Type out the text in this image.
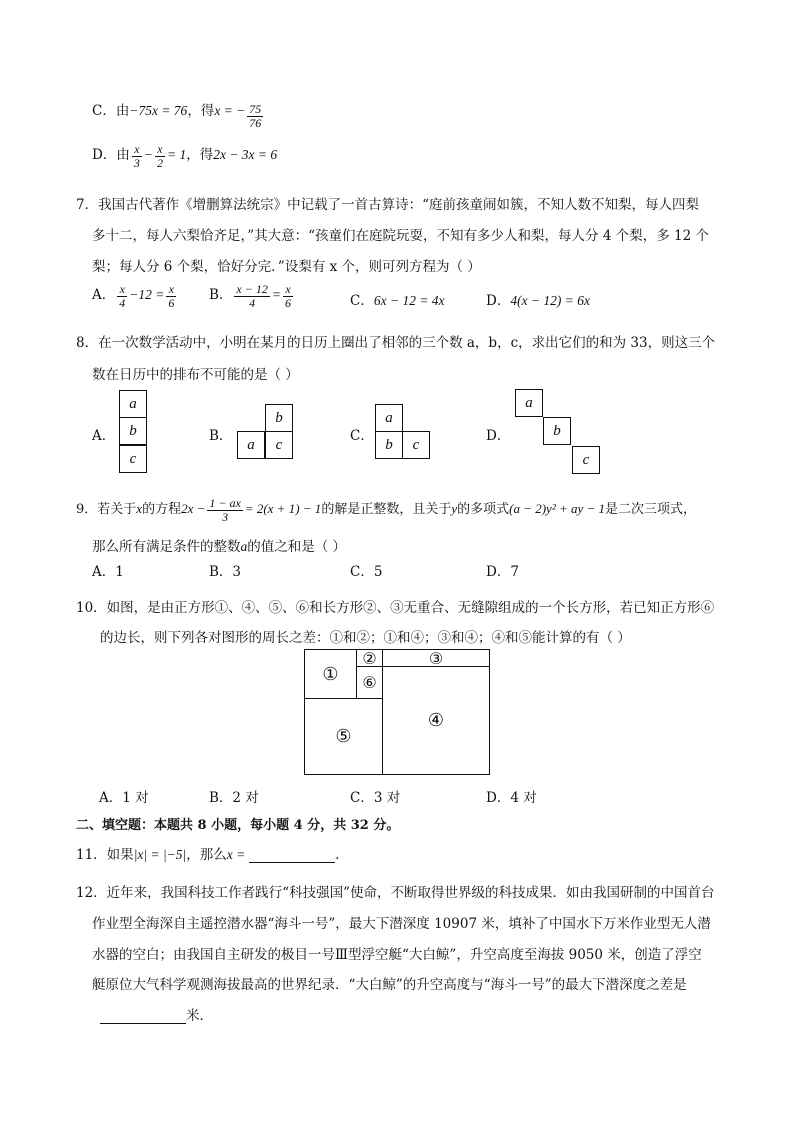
C．由−75x = 76，得x = − $\frac{75}{76}$
D．由 $\frac{x}{3} - \frac{x}{2} = 1$，得2x − 3x = 6
7．我国古代著作《增删算法统宗》中记载了一首古算诗：“庭前孩童闹如簇，不知人数不知梨，每人四梨
多十二，每人六梨恰齐足，”其大意：“孩童们在庭院玩耍，不知有多少人和梨，每人分 4 个梨，多 12 个
梨；每人分 6 个梨，恰好分完．”设梨有 x 个，则可列方程为（ ）
A． $\frac{x}{4} -12 = \frac{x}{6}$ B． $\frac{x - 12}{4} = \frac{x}{6}$	C．6x − 12 = 4x	D．4(x − 12) = 6x
8．在一次数学活动中，小明在某月的日历上圈出了相邻的三个数 a，b，c，求出它们的和为 33，则这三个
数在日历中的排布不可能的是（ ）
A．
a
b
c
B．
b
a	c
C．
a
b	c
D．
a
b
c
9．若关于x的方程$2x - \frac{1 - ax}{3} = 2(x + 1) - 1$的解是正整数，且关于y的多项式(a − 2)y² + ay − 1是二次三项式，
那么所有满足条件的整数a的值之和是（ ）
A．1	B．3	C．5	D．7
10．如图，是由正方形①、④、⑤、⑥和长方形②、③无重合、无缝隙组成的一个长方形，若已知正方形⑥
的边长，则下列各对图形的周长之差：①和②；①和④；③和④；④和⑤能计算的有（ ）
①
②	③
⑥
④
⑤
A．1 对	B．2 对	C．3 对	D．4 对
二、填空题：本题共 8 小题，每小题 4 分，共 32 分。
11．如果|x| = |−5|，那么x =	．
12．近年来，我国科技工作者践行“科技强国”使命，不断取得世界级的科技成果．如由我国研制的中国首台
作业型全海深自主遥控潜水器“海斗一号”，最大下潜深度 10907 米，填补了中国水下万米作业型无人潜
水器的空白；由我国自主研发的极目一号Ⅲ型浮空艇“大白鲸”，升空高度至海拔 9050 米，创造了浮空
艇原位大气科学观测海拔最高的世界纪录．“大白鲸”的升空高度与“海斗一号”的最大下潜深度之差是
米．
